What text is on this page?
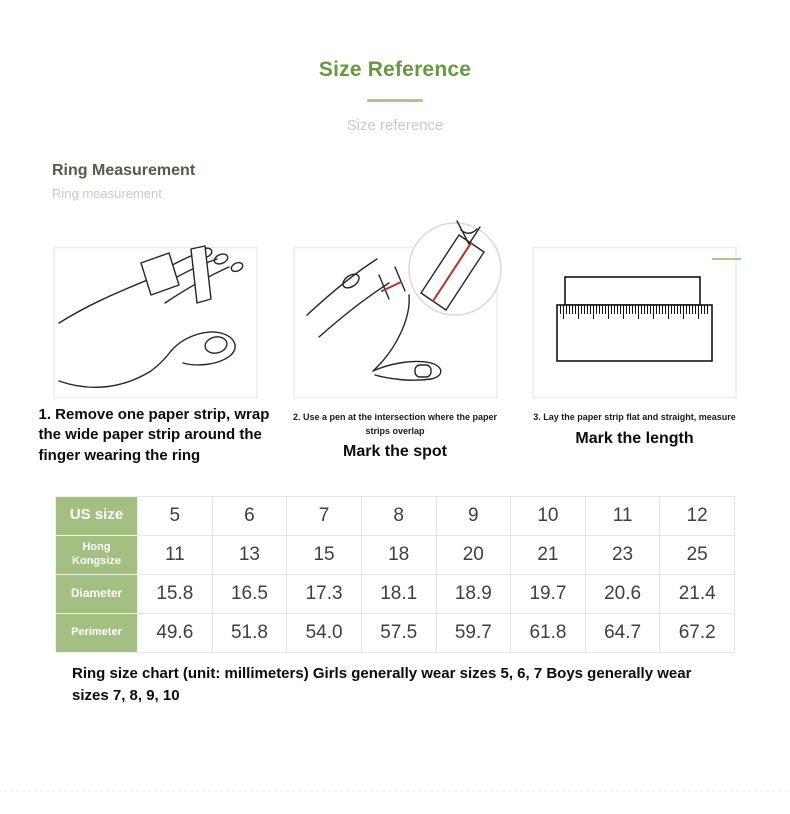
Size Reference
Size reference
Ring Measurement
Ring measurement
1. Remove one paper strip, wrap the wide paper strip around the finger wearing the ring
2. Use a pen at the intersection where the paper strips overlap
Mark the spot
3. Lay the paper strip flat and straight, measure
Mark the length
US size	5	6	7	8	9	10	11	12
Hong Kongsize	11	13	15	18	20	21	23	25
Diameter	15.8	16.5	17.3	18.1	18.9	19.7	20.6	21.4
Perimeter	49.6	51.8	54.0	57.5	59.7	61.8	64.7	67.2
Ring size chart (unit: millimeters) Girls generally wear sizes 5, 6, 7 Boys generally wear sizes 7, 8, 9, 10
